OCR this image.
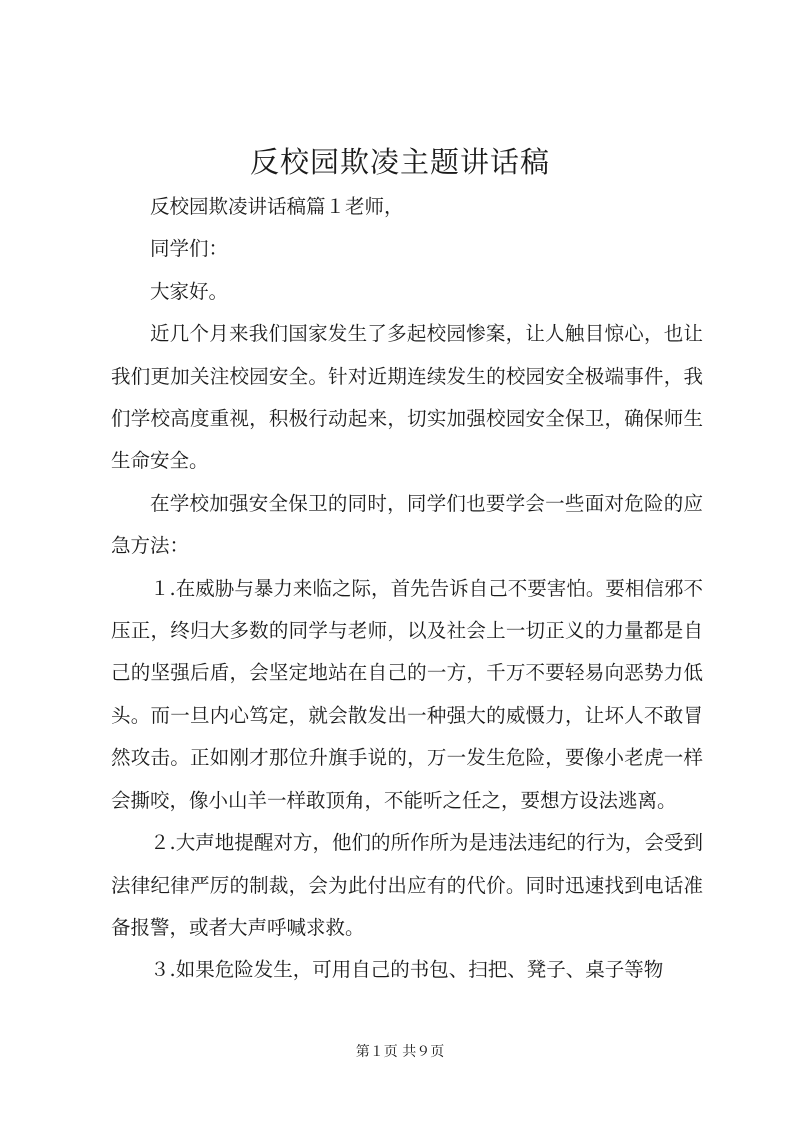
反校园欺凌主题讲话稿

反校园欺凌讲话稿篇１老师，

同学们：

大家好。

近几个月来我们国家发生了多起校园惨案，让人触目惊心，也让我们更加关注校园安全。针对近期连续发生的校园安全极端事件，我们学校高度重视，积极行动起来，切实加强校园安全保卫，确保师生生命安全。

在学校加强安全保卫的同时，同学们也要学会一些面对危险的应急方法：

１.在威胁与暴力来临之际，首先告诉自己不要害怕。要相信邪不压正，终归大多数的同学与老师，以及社会上一切正义的力量都是自己的坚强后盾，会坚定地站在自己的一方，千万不要轻易向恶势力低头。而一旦内心笃定，就会散发出一种强大的威慑力，让坏人不敢冒然攻击。正如刚才那位升旗手说的，万一发生危险，要像小老虎一样会撕咬，像小山羊一样敢顶角，不能听之任之，要想方设法逃离。

２.大声地提醒对方，他们的所作所为是违法违纪的行为，会受到法律纪律严厉的制裁，会为此付出应有的代价。同时迅速找到电话准备报警，或者大声呼喊求救。

３.如果危险发生，可用自己的书包、扫把、凳子、桌子等物

第１页 共９页
